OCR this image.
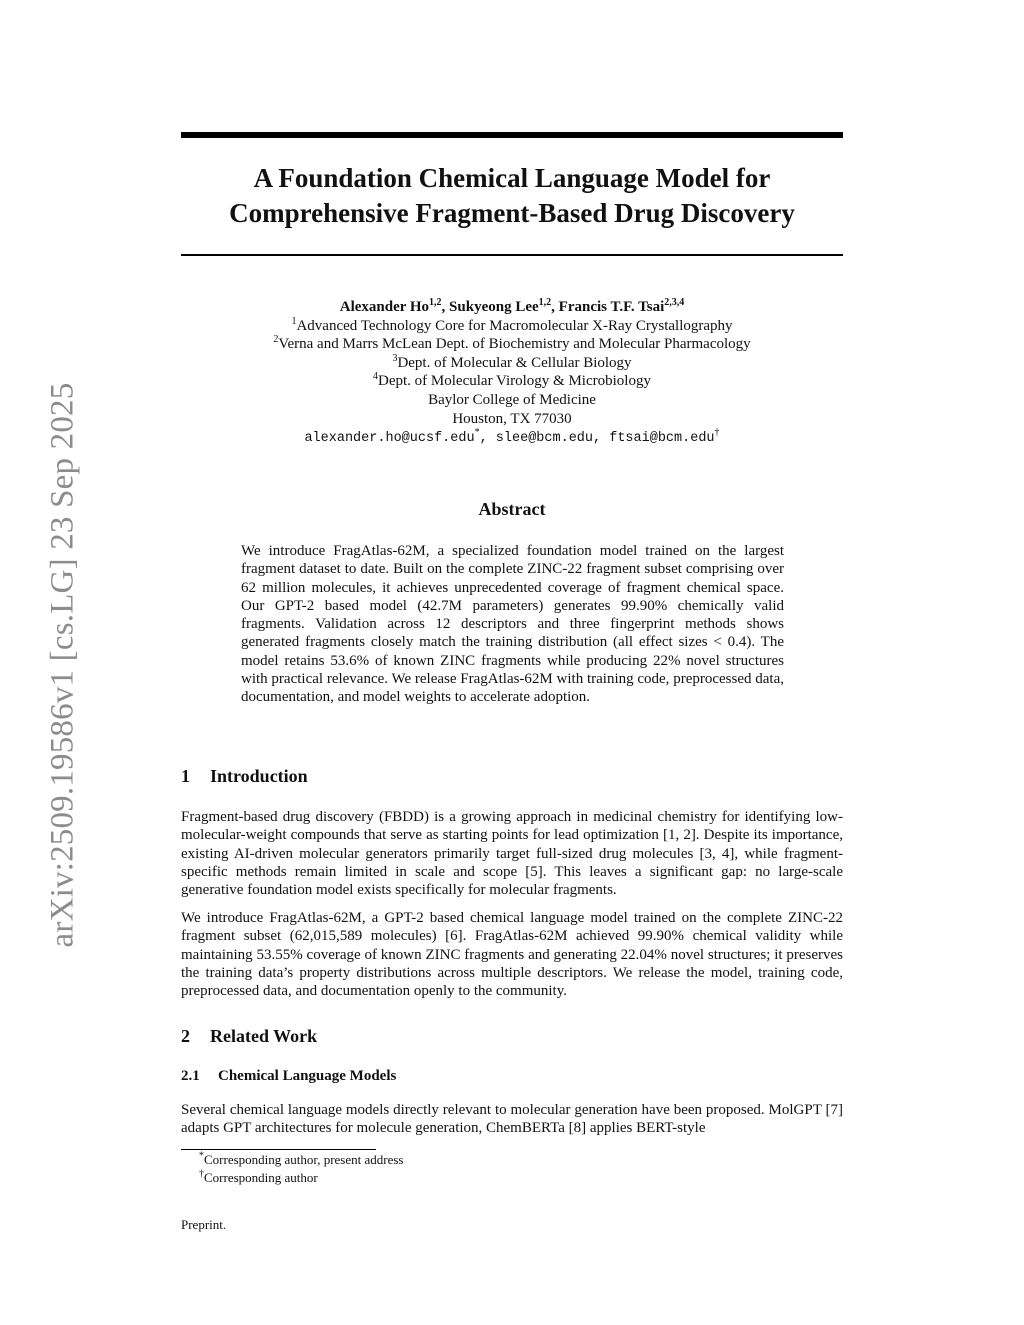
arXiv:2509.19586v1 [cs.LG] 23 Sep 2025
A Foundation Chemical Language Model for
Comprehensive Fragment-Based Drug Discovery
Alexander Ho$^{1,2}$, Sukyeong Lee$^{1,2}$, Francis T.F. Tsai$^{2,3,4}$
$^1$Advanced Technology Core for Macromolecular X-Ray Crystallography
$^2$Verna and Marrs McLean Dept. of Biochemistry and Molecular Pharmacology
$^3$Dept. of Molecular & Cellular Biology
$^4$Dept. of Molecular Virology & Microbiology
Baylor College of Medicine
Houston, TX 77030
alexander.ho@ucsf.edu*, slee@bcm.edu, ftsai@bcm.edu†
Abstract
We introduce FragAtlas-62M, a specialized foundation model trained on the largest fragment dataset to date. Built on the complete ZINC-22 fragment subset comprising over 62 million molecules, it achieves unprecedented coverage of fragment chemical space. Our GPT-2 based model (42.7M parameters) generates 99.90% chemically valid fragments. Validation across 12 descriptors and three fingerprint methods shows generated fragments closely match the training distribution (all effect sizes < 0.4). The model retains 53.6% of known ZINC fragments while producing 22% novel structures with practical relevance. We release FragAtlas-62M with training code, preprocessed data, documentation, and model weights to accelerate adoption.
1 Introduction
Fragment-based drug discovery (FBDD) is a growing approach in medicinal chemistry for identifying low-molecular-weight compounds that serve as starting points for lead optimization [1, 2]. Despite its importance, existing AI-driven molecular generators primarily target full-sized drug molecules [3, 4], while fragment-specific methods remain limited in scale and scope [5]. This leaves a significant gap: no large-scale generative foundation model exists specifically for molecular fragments.
We introduce FragAtlas-62M, a GPT-2 based chemical language model trained on the complete ZINC-22 fragment subset (62,015,589 molecules) [6]. FragAtlas-62M achieved 99.90% chemical validity while maintaining 53.55% coverage of known ZINC fragments and generating 22.04% novel structures; it preserves the training data’s property distributions across multiple descriptors. We release the model, training code, preprocessed data, and documentation openly to the community.
2 Related Work
2.1 Chemical Language Models
Several chemical language models directly relevant to molecular generation have been proposed. MolGPT [7] adapts GPT architectures for molecule generation, ChemBERTa [8] applies BERT-style
*Corresponding author, present address
†Corresponding author
Preprint.
